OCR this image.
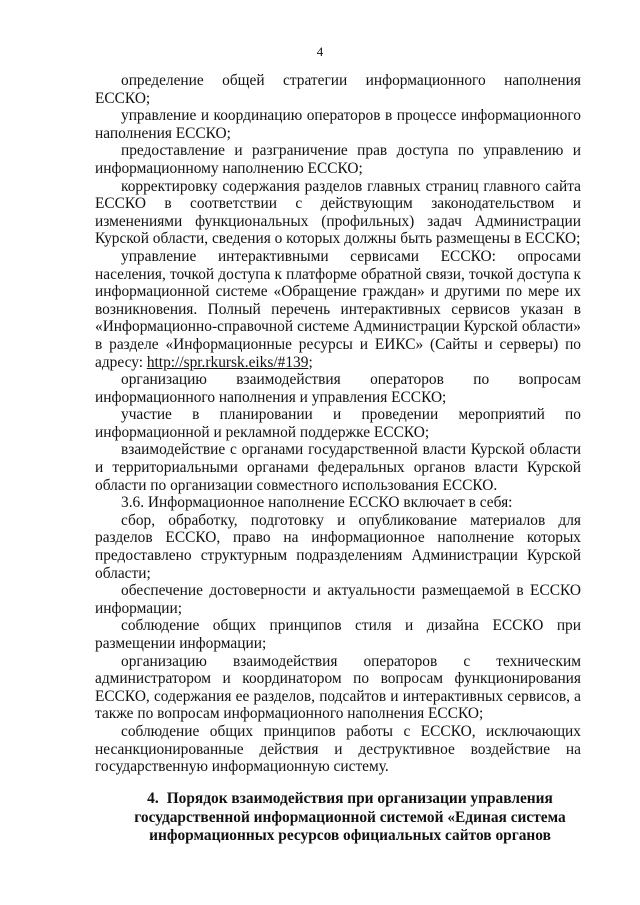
4

определение общей стратегии информационного наполнения ЕССКО;

управление и координацию операторов в процессе информационного наполнения ЕССКО;

предоставление и разграничение прав доступа по управлению и информационному наполнению ЕССКО;

корректировку содержания разделов главных страниц главного сайта ЕССКО в соответствии с действующим законодательством и изменениями функциональных (профильных) задач Администрации Курской области, сведения о которых должны быть размещены в ЕССКО;

управление интерактивными сервисами ЕССКО: опросами населения, точкой доступа к платформе обратной связи, точкой доступа к информационной системе «Обращение граждан» и другими по мере их возникновения. Полный перечень интерактивных сервисов указан в «Информационно-справочной системе Администрации Курской области» в разделе «Информационные ресурсы и ЕИКС» (Сайты и серверы) по адресу: http://spr.rkursk.eiks/#139;

организацию взаимодействия операторов по вопросам информационного наполнения и управления ЕССКО;

участие в планировании и проведении мероприятий по информационной и рекламной поддержке ЕССКО;

взаимодействие с органами государственной власти Курской области и территориальными органами федеральных органов власти Курской области по организации совместного использования ЕССКО.

3.6. Информационное наполнение ЕССКО включает в себя:

сбор, обработку, подготовку и опубликование материалов для разделов ЕССКО, право на информационное наполнение которых предоставлено структурным подразделениям Администрации Курской области;

обеспечение достоверности и актуальности размещаемой в ЕССКО информации;

соблюдение общих принципов стиля и дизайна ЕССКО при размещении информации;

организацию взаимодействия операторов с техническим администратором и координатором по вопросам функционирования ЕССКО, содержания ее разделов, подсайтов и интерактивных сервисов, а также по вопросам информационного наполнения ЕССКО;

соблюдение общих принципов работы с ЕССКО, исключающих несанкционированные действия и деструктивное воздействие на государственную информационную систему.

4. Порядок взаимодействия при организации управления государственной информационной системой «Единая система информационных ресурсов официальных сайтов органов
